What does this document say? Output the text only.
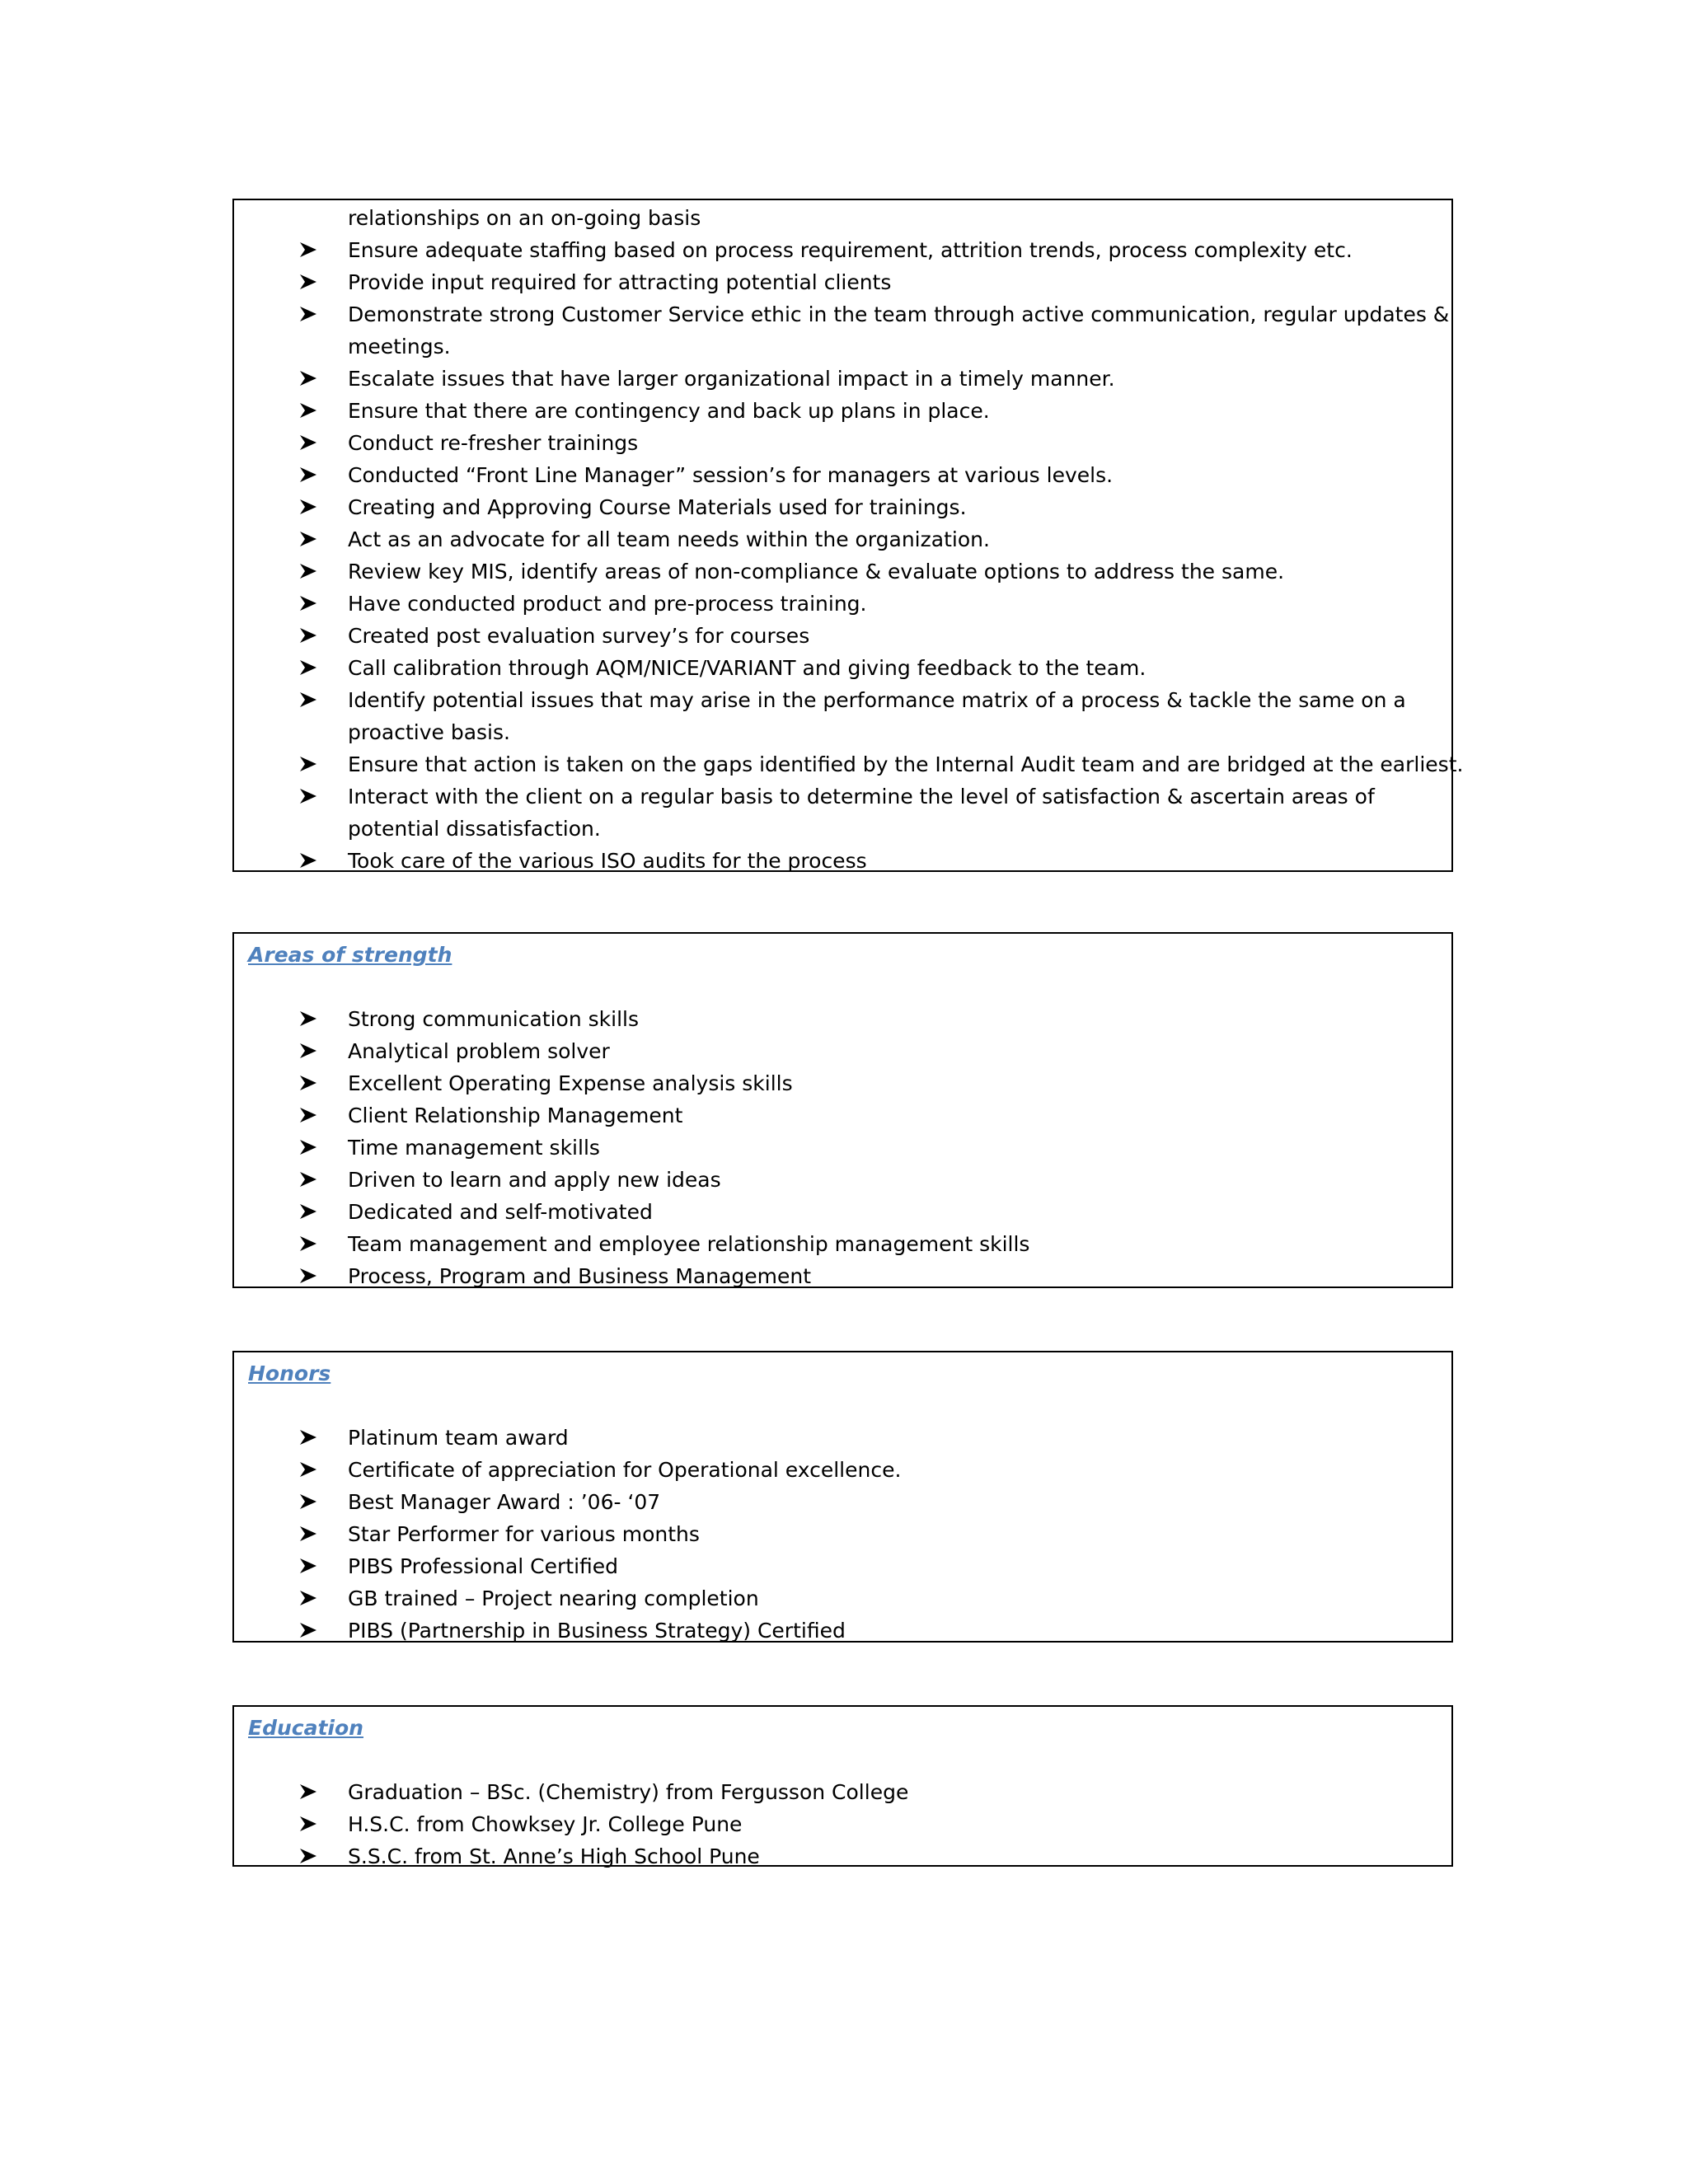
relationships on an on-going basis
Ensure adequate staffing based on process requirement, attrition trends, process complexity etc.
Provide input required for attracting potential clients
Demonstrate strong Customer Service ethic in the team through active communication, regular updates &
meetings.
Escalate issues that have larger organizational impact in a timely manner.
Ensure that there are contingency and back up plans in place.
Conduct re-fresher trainings
Conducted “Front Line Manager” session’s for managers at various levels.
Creating and Approving Course Materials used for trainings.
Act as an advocate for all team needs within the organization.
Review key MIS, identify areas of non-compliance & evaluate options to address the same.
Have conducted product and pre-process training.
Created post evaluation survey’s for courses
Call calibration through AQM/NICE/VARIANT and giving feedback to the team.
Identify potential issues that may arise in the performance matrix of a process & tackle the same on a
proactive basis.
Ensure that action is taken on the gaps identified by the Internal Audit team and are bridged at the earliest.
Interact with the client on a regular basis to determine the level of satisfaction & ascertain areas of
potential dissatisfaction.
Took care of the various ISO audits for the process
Areas of strength
Strong communication skills
Analytical problem solver
Excellent Operating Expense analysis skills
Client Relationship Management
Time management skills
Driven to learn and apply new ideas
Dedicated and self-motivated
Team management and employee relationship management skills
Process, Program and Business Management
Honors
Platinum team award
Certificate of appreciation for Operational excellence.
Best Manager Award : ’06- ‘07
Star Performer for various months
PIBS Professional Certified
GB trained – Project nearing completion
PIBS (Partnership in Business Strategy) Certified
Education
Graduation – BSc. (Chemistry) from Fergusson College
H.S.C. from Chowksey Jr. College Pune
S.S.C. from St. Anne’s High School Pune
